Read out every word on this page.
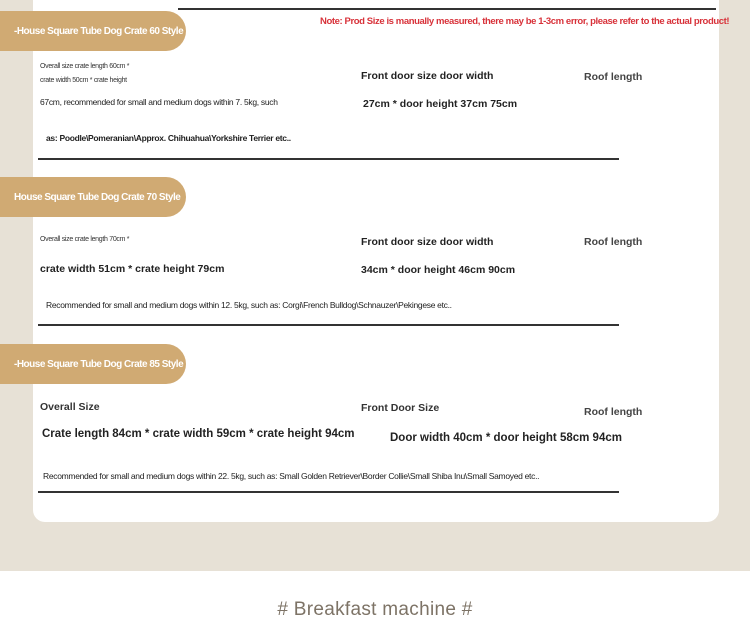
Note: Prod Size is manually measured, there may be 1-3cm error, please refer to the actual product!
-House Square Tube Dog Crate 60 Style
Overall size crate length 60cm *
crate width 50cm * crate height
67cm, recommended for small and medium dogs within 7. 5kg, such
as: Poodle\Pomeranian\Approx. Chihuahua\Yorkshire Terrier etc..
Front door size door width
27cm * door height 37cm 75cm
Roof length
House Square Tube Dog Crate 70 Style
Overall size crate length 70cm *
crate width 51cm * crate height 79cm
Recommended for small and medium dogs within 12. 5kg, such as: Corgi\French Bulldog\Schnauzer\Pekingese etc..
Front door size door width
34cm * door height 46cm 90cm
Roof length
-House Square Tube Dog Crate 85 Style
Overall Size
Crate length 84cm * crate width 59cm * crate height 94cm
Front Door Size
Door width 40cm * door height 58cm 94cm
Roof length
Recommended for small and medium dogs within 22. 5kg, such as: Small Golden Retriever\Border Collie\Small Shiba Inu\Small Samoyed etc..
# Breakfast machine #
